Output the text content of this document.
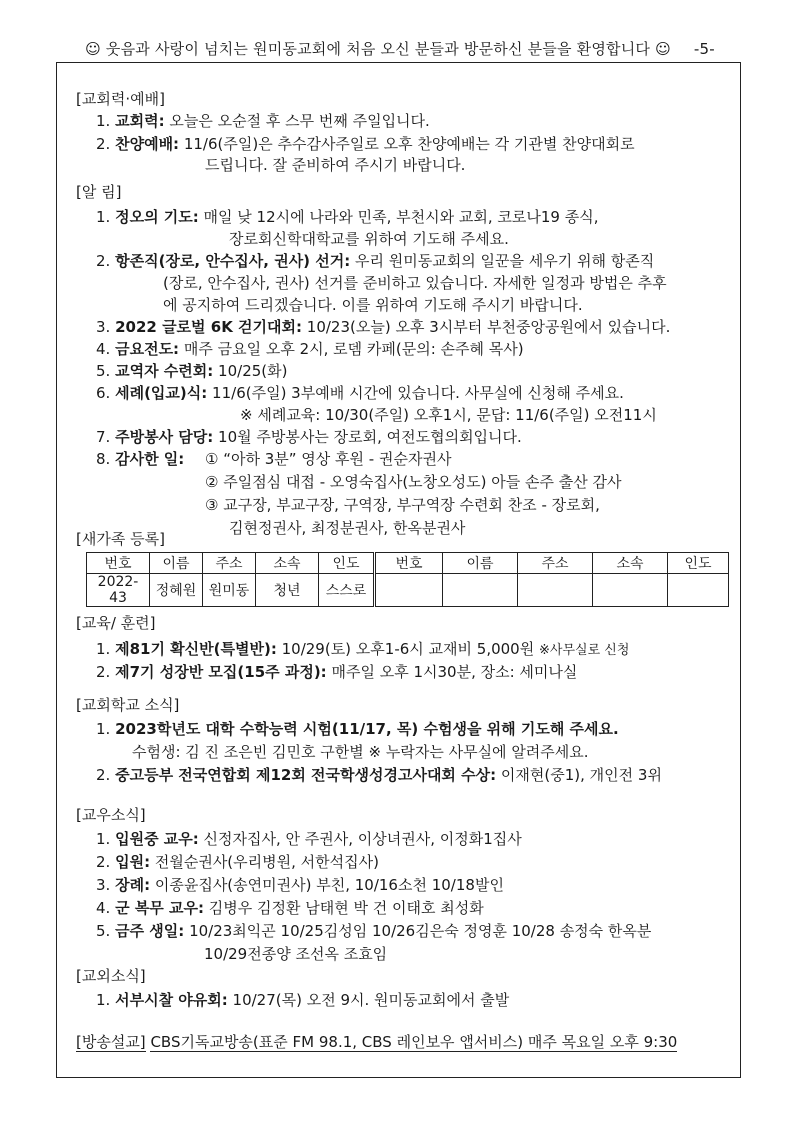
☺ 웃음과 사랑이 넘치는 원미동교회에 처음 오신 분들과 방문하신 분들을 환영합니다 ☺ -5-
[교회력·예배]
1. 교회력: 오늘은 오순절 후 스무 번째 주일입니다.
2. 찬양예배: 11/6(주일)은 추수감사주일로 오후 찬양예배는 각 기관별 찬양대회로
드립니다. 잘 준비하여 주시기 바랍니다.
[알 림]
1. 정오의 기도: 매일 낮 12시에 나라와 민족, 부천시와 교회, 코로나19 종식,
장로회신학대학교를 위하여 기도해 주세요.
2. 항존직(장로, 안수집사, 권사) 선거: 우리 원미동교회의 일꾼을 세우기 위해 항존직
(장로, 안수집사, 권사) 선거를 준비하고 있습니다. 자세한 일정과 방법은 추후
에 공지하여 드리겠습니다. 이를 위하여 기도해 주시기 바랍니다.
3. 2022 글로벌 6K 걷기대회: 10/23(오늘) 오후 3시부터 부천중앙공원에서 있습니다.
4. 금요전도: 매주 금요일 오후 2시, 로뎀 카페(문의: 손주혜 목사)
5. 교역자 수련회: 10/25(화)
6. 세례(입교)식: 11/6(주일) 3부예배 시간에 있습니다. 사무실에 신청해 주세요.
※ 세례교육: 10/30(주일) 오후1시, 문답: 11/6(주일) 오전11시
7. 주방봉사 담당: 10월 주방봉사는 장로회, 여전도협의회입니다.
8. 감사한 일: ① “아하 3분” 영상 후원 - 권순자권사
② 주일점심 대접 - 오영숙집사(노창오성도) 아들 손주 출산 감사
③ 교구장, 부교구장, 구역장, 부구역장 수련회 찬조 - 장로회,
김현정권사, 최정분권사, 한옥분권사
[새가족 등록]
번호	이름	주소	소속	인도	번호	이름	주소	소속	인도
2022-43	정혜원	원미동	청년	스스로					
[교육/ 훈련]
1. 제81기 확신반(특별반): 10/29(토) 오후1-6시 교재비 5,000원 ※사무실로 신청
2. 제7기 성장반 모집(15주 과정): 매주일 오후 1시30분, 장소: 세미나실
[교회학교 소식]
1. 2023학년도 대학 수학능력 시험(11/17, 목) 수험생을 위해 기도해 주세요.
수험생: 김 진 조은빈 김민호 구한별 ※ 누락자는 사무실에 알려주세요.
2. 중고등부 전국연합회 제12회 전국학생성경고사대회 수상: 이재현(중1), 개인전 3위
[교우소식]
1. 입원중 교우: 신정자집사, 안 주권사, 이상녀권사, 이정화1집사
2. 입원: 전월순권사(우리병원, 서한석집사)
3. 장례: 이종윤집사(송연미권사) 부친, 10/16소천 10/18발인
4. 군 복무 교우: 김병우 김정환 남태현 박 건 이태호 최성화
5. 금주 생일: 10/23최익곤 10/25김성임 10/26김은숙 정영훈 10/28 송정숙 한옥분
10/29전종양 조선옥 조효임
[교외소식]
1. 서부시찰 야유회: 10/27(목) 오전 9시. 원미동교회에서 출발
[방송설교] CBS기독교방송(표준 FM 98.1, CBS 레인보우 앱서비스) 매주 목요일 오후 9:30
